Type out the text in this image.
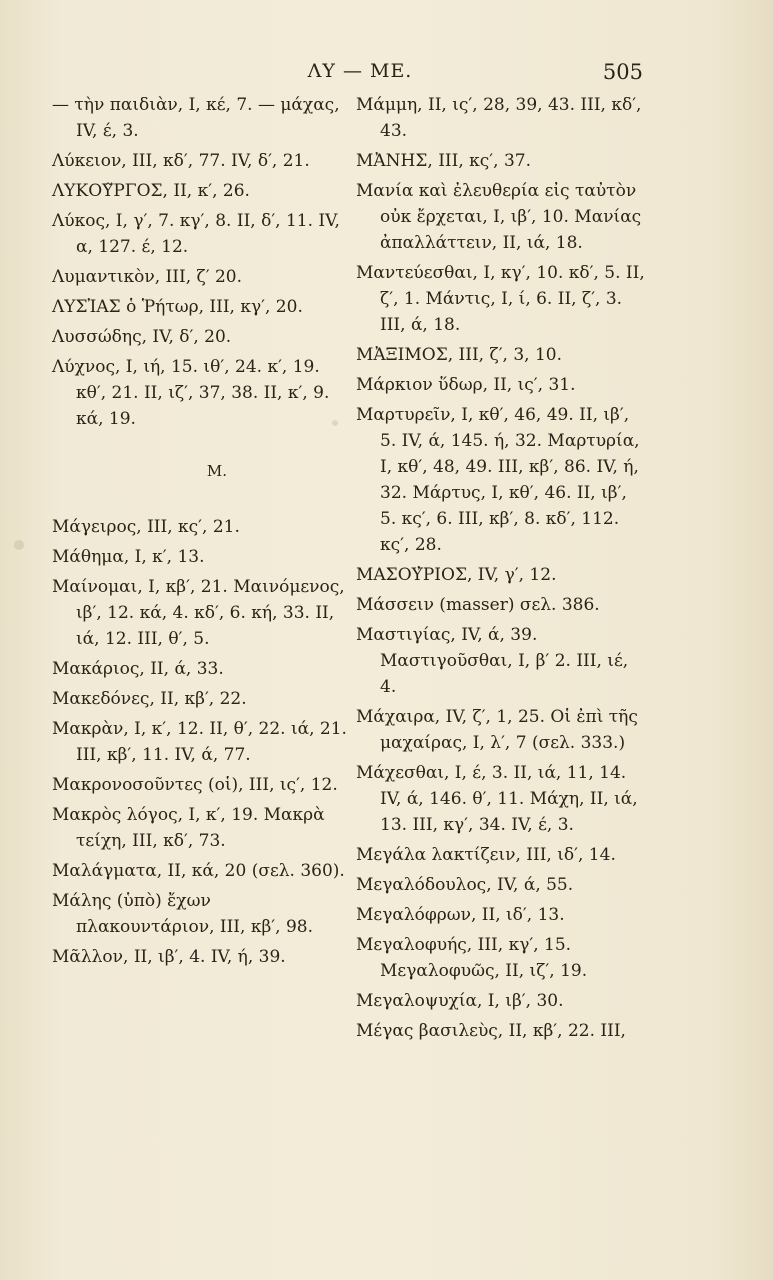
ΛΥ — ΜΕ.	505

— τὴν παιδιὰν, Ι, κέ, 7. — μάχας, IV, έ, 3.

Λύκειον, ΙΙΙ, κδ′, 77. IV, δ′, 21.

ΛΥΚΟΥ̃ΡΓΟΣ, ΙΙ, κ′, 26.

Λύκος, Ι, γ′, 7. κγ′, 8. ΙΙ, δ′, 11. IV, α, 127. έ, 12.

Λυμαντικὸν, ΙΙΙ, ζ′ 20.

ΛΥΣἸΑΣ ὁ Ῥήτωρ, ΙΙΙ, κγ′, 20.

Λυσσώδης, IV, δ′, 20.

Λύχνος, Ι, ιή, 15. ιθ′, 24. κ′, 19. κθ′, 21. ΙΙ, ιζ′, 37, 38. ΙΙ, κ′, 9. κά, 19.

Μ.

Μάγειρος, ΙΙΙ, κς′, 21.

Μάθημα, Ι, κ′, 13.

Μαίνομαι, Ι, κβ′, 21. Μαινόμενος, ιβ′, 12. κά, 4. κδ′, 6. κή, 33. ΙΙ, ιά, 12. ΙΙΙ, θ′, 5.

Μακάριος, ΙΙ, ά, 33.

Μακεδόνες, ΙΙ, κβ′, 22.

Μακρὰν, Ι, κ′, 12. ΙΙ, θ′, 22. ιά, 21. ΙΙΙ, κβ′, 11. IV, ά, 77.

Μακρονοσοῦντες (οἱ), ΙΙΙ, ις′, 12.

Μακρὸς λόγος, Ι, κ′, 19. Μακρὰ τείχη, ΙΙΙ, κδ′, 73.

Μαλάγματα, ΙΙ, κά, 20 (σελ. 360).

Μάλης (ὑπὸ) ἔχων πλακουντάριον, ΙΙΙ, κβ′, 98.

Μᾶλλον, ΙΙ, ιβ′, 4. IV, ή, 39.

Μάμμη, ΙΙ, ις′, 28, 39, 43. ΙΙΙ, κδ′, 43.

ΜἈΝΗΣ, ΙΙΙ, κς′, 37.

Μανία καὶ ἐλευθερία εἰς ταὐτὸν οὐκ ἔρχεται, Ι, ιβ′, 10. Μανίας ἀπαλλάττειν, ΙΙ, ιά, 18.

Μαντεύεσθαι, Ι, κγ′, 10. κδ′, 5. ΙΙ, ζ′, 1. Μάντις, Ι, ί, 6. ΙΙ, ζ′, 3. ΙΙΙ, ά, 18.

ΜἈΞΙΜΟΣ, ΙΙΙ, ζ′, 3, 10.

Μάρκιον ὕδωρ, ΙΙ, ις′, 31.

Μαρτυρεῖν, Ι, κθ′, 46, 49. ΙΙ, ιβ′, 5. IV, ά, 145. ή, 32. Μαρτυρία, Ι, κθ′, 48, 49. ΙΙΙ, κβ′, 86. IV, ή, 32. Μάρτυς, Ι, κθ′, 46. ΙΙ, ιβ′, 5. κς′, 6. ΙΙΙ, κβ′, 8. κδ′, 112. κς′, 28.

ΜΑΣΟΥ̓ΡΙΟΣ, IV, γ′, 12.

Μάσσειν (masser) σελ. 386.

Μαστιγίας, IV, ά, 39. Μαστιγοῦσθαι, Ι, β′ 2. ΙΙΙ, ιέ, 4.

Μάχαιρα, IV, ζ′, 1, 25. Οἱ ἐπὶ τῆς μαχαίρας, Ι, λ′, 7 (σελ. 333.)

Μάχεσθαι, Ι, έ, 3. ΙΙ, ιά, 11, 14. IV, ά, 146. θ′, 11. Μάχη, ΙΙ, ιά, 13. ΙΙΙ, κγ′, 34. IV, έ, 3.

Μεγάλα λακτίζειν, ΙΙΙ, ιδ′, 14.

Μεγαλόδουλος, IV, ά, 55.

Μεγαλόφρων, ΙΙ, ιδ′, 13.

Μεγαλοφυής, ΙΙΙ, κγ′, 15. Μεγαλοφυῶς, ΙΙ, ιζ′, 19.

Μεγαλοψυχία, Ι, ιβ′, 30.

Μέγας βασιλεὺς, ΙΙ, κβ′, 22. ΙΙΙ,
